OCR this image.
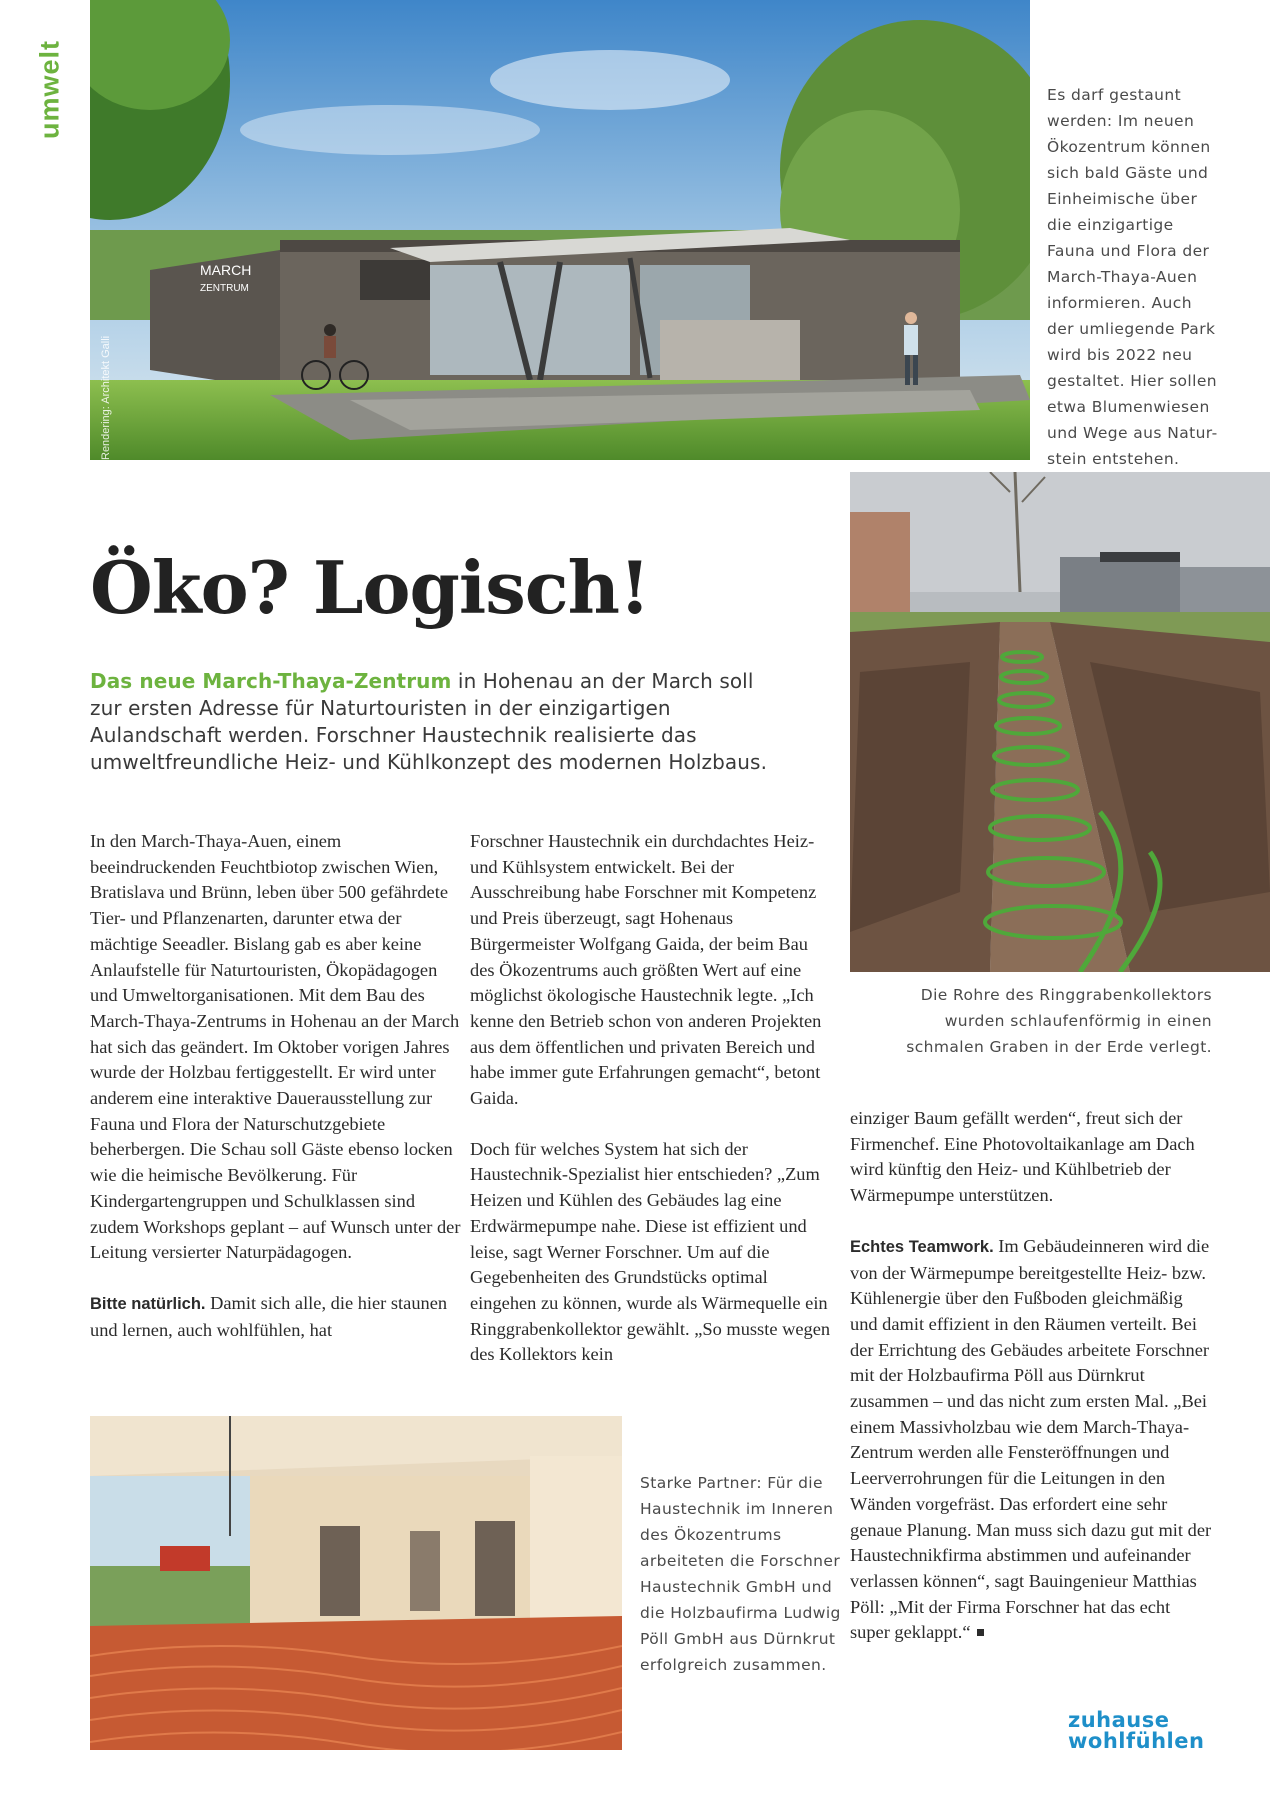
umwelt
MARCH
ZENTRUM
Rendering: Architekt Galli
Es darf gestaunt
werden: Im neuen
Ökozentrum können
sich bald Gäste und
Einheimische über
die einzigartige
Fauna und Flora der
March-Thaya-Auen
informieren. Auch
der umliegende Park
wird bis 2022 neu
gestaltet. Hier sollen
etwa Blumenwiesen
und Wege aus Natur-
stein entstehen.
Die Rohre des Ringgrabenkollektors
wurden schlaufenförmig in einen
schmalen Graben in der Erde verlegt.
Öko? Logisch!

Das neue March-Thaya-Zentrum in Hohenau an der March soll zur ersten Adresse für Naturtouristen in der einzigartigen Aulandschaft werden. Forschner Haustechnik realisierte das umweltfreundliche Heiz- und Kühlkonzept des modernen Holzbaus.

In den March-Thaya-Auen, einem beeindruckenden Feuchtbiotop zwischen Wien, Bratislava und Brünn, leben über 500 gefährdete Tier- und Pflanzenarten, darunter etwa der mächtige Seeadler. Bislang gab es aber keine Anlaufstelle für Naturtouristen, Ökopädagogen und Umweltorganisationen. Mit dem Bau des March-Thaya-Zentrums in Hohenau an der March hat sich das geändert. Im Oktober vorigen Jahres wurde der Holzbau fertiggestellt. Er wird unter anderem eine interaktive Dauerausstellung zur Fauna und Flora der Naturschutzgebiete beherbergen. Die Schau soll Gäste ebenso locken wie die heimische Bevölkerung. Für Kindergartengruppen und Schulklassen sind zudem Workshops geplant – auf Wunsch unter der Leitung versierter Naturpädagogen.

Bitte natürlich. Damit sich alle, die hier staunen und lernen, auch wohlfühlen, hat

Forschner Haustechnik ein durchdachtes Heiz- und Kühlsystem entwickelt. Bei der Ausschreibung habe Forschner mit Kompetenz und Preis überzeugt, sagt Hohenaus Bürgermeister Wolfgang Gaida, der beim Bau des Ökozentrums auch größten Wert auf eine möglichst ökologische Haustechnik legte. „Ich kenne den Betrieb schon von anderen Projekten aus dem öffentlichen und privaten Bereich und habe immer gute Erfahrungen gemacht“, betont Gaida.

Doch für welches System hat sich der Haustechnik-Spezialist hier entschieden? „Zum Heizen und Kühlen des Gebäudes lag eine Erdwärmepumpe nahe. Diese ist effizient und leise, sagt Werner Forschner. Um auf die Gegebenheiten des Grundstücks optimal eingehen zu können, wurde als Wärmequelle ein Ringgrabenkollektor gewählt. „So musste wegen des Kollektors kein

einziger Baum gefällt werden“, freut sich der Firmenchef. Eine Photovoltaikanlage am Dach wird künftig den Heiz- und Kühlbetrieb der Wärmepumpe unterstützen.

Echtes Teamwork. Im Gebäudeinneren wird die von der Wärmepumpe bereitgestellte Heiz- bzw. Kühlenergie über den Fußboden gleichmäßig und damit effizient in den Räumen verteilt. Bei der Errichtung des Gebäudes arbeitete Forschner mit der Holzbaufirma Pöll aus Dürnkrut zusammen – und das nicht zum ersten Mal. „Bei einem Massivholzbau wie dem March-Thaya-Zentrum werden alle Fensteröffnungen und Leerverrohrungen für die Leitungen in den Wänden vorgefräst. Das erfordert eine sehr genaue Planung. Man muss sich dazu gut mit der Haustechnikfirma abstimmen und aufeinander verlassen können“, sagt Bauingenieur Matthias Pöll: „Mit der Firma Forschner hat das echt super geklappt.“

Starke Partner: Für die
Haustechnik im Inneren
des Ökozentrums
arbeiteten die Forschner
Haustechnik GmbH und
die Holzbaufirma Ludwig
Pöll GmbH aus Dürnkrut
erfolgreich zusammen.
zuhause
wohlfühlen
